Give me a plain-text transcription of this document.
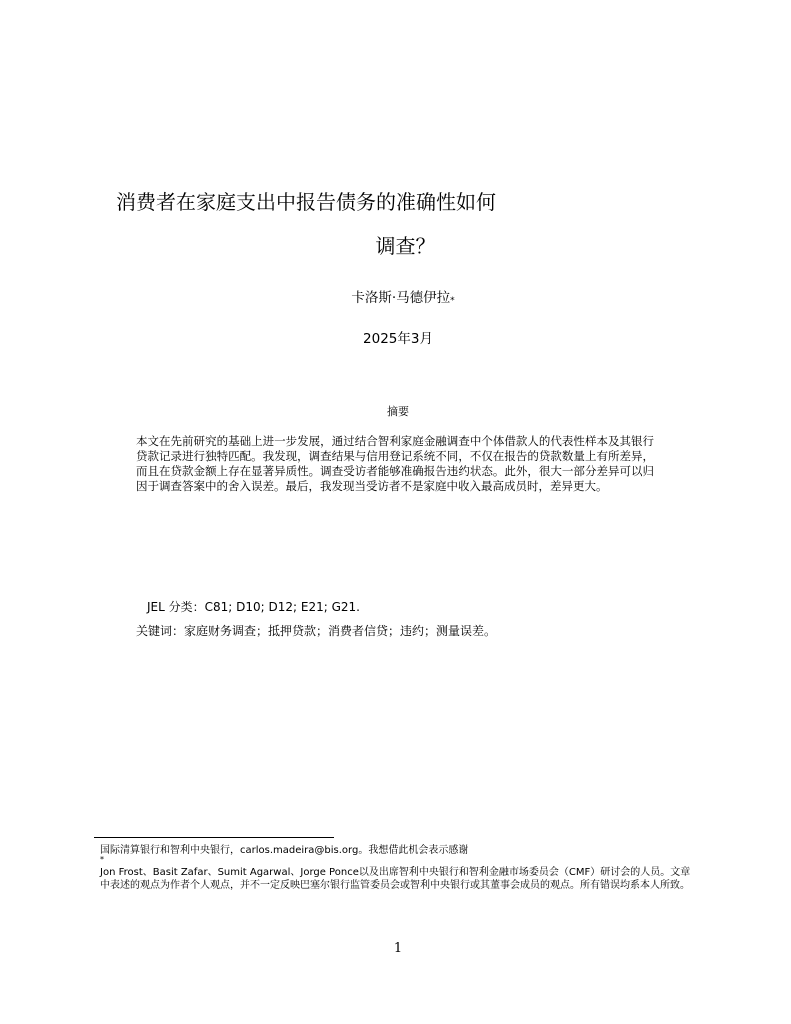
消费者在家庭支出中报告债务的准确性如何
调查？
卡洛斯·马德伊拉*
2025年3月
摘要
本文在先前研究的基础上进一步发展，通过结合智利家庭金融调查中个体借款人的代表性样本及其银行贷款记录进行独特匹配。我发现，调查结果与信用登记系统不同，不仅在报告的贷款数量上有所差异，而且在贷款金额上存在显著异质性。调查受访者能够准确报告违约状态。此外，很大一部分差异可以归因于调查答案中的舍入误差。最后，我发现当受访者不是家庭中收入最高成员时，差异更大。
JEL 分类：C81; D10; D12; E21; G21.
关键词：家庭财务调查；抵押贷款；消费者信贷；违约；测量误差。
国际清算银行和智利中央银行，carlos.madeira@bis.org。我想借此机会表示感谢
*
Jon Frost、Basit Zafar、Sumit Agarwal、Jorge Ponce以及出席智利中央银行和智利金融市场委员会（CMF）研讨会的人员。文章中表述的观点为作者个人观点，并不一定反映巴塞尔银行监管委员会或智利中央银行或其董事会成员的观点。所有错误均系本人所致。
1
